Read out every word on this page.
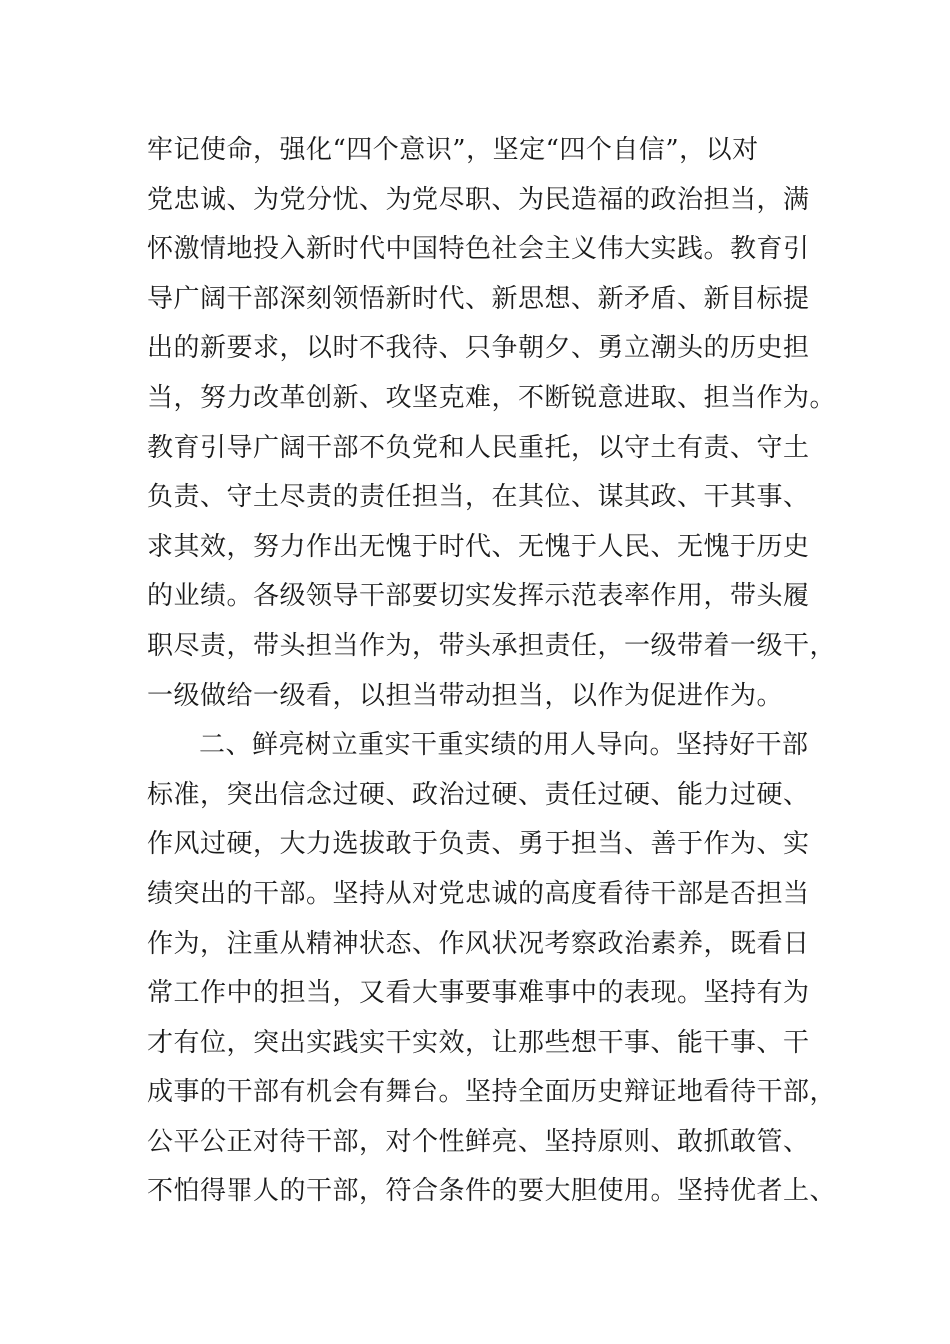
牢记使命，强化“四个意识”，坚定“四个自信”，以对
党忠诚、为党分忧、为党尽职、为民造福的政治担当，满
怀激情地投入新时代中国特色社会主义伟大实践。教育引
导广阔干部深刻领悟新时代、新思想、新矛盾、新目标提
出的新要求，以时不我待、只争朝夕、勇立潮头的历史担
当，努力改革创新、攻坚克难，不断锐意进取、担当作为。
教育引导广阔干部不负党和人民重托，以守土有责、守土
负责、守土尽责的责任担当，在其位、谋其政、干其事、
求其效，努力作出无愧于时代、无愧于人民、无愧于历史
的业绩。各级领导干部要切实发挥示范表率作用，带头履
职尽责，带头担当作为，带头承担责任，一级带着一级干，
一级做给一级看，以担当带动担当，以作为促进作为。
二、鲜亮树立重实干重实绩的用人导向。坚持好干部
标准，突出信念过硬、政治过硬、责任过硬、能力过硬、
作风过硬，大力选拔敢于负责、勇于担当、善于作为、实
绩突出的干部。坚持从对党忠诚的高度看待干部是否担当
作为，注重从精神状态、作风状况考察政治素养，既看日
常工作中的担当，又看大事要事难事中的表现。坚持有为
才有位，突出实践实干实效，让那些想干事、能干事、干
成事的干部有机会有舞台。坚持全面历史辩证地看待干部，
公平公正对待干部，对个性鲜亮、坚持原则、敢抓敢管、
不怕得罪人的干部，符合条件的要大胆使用。坚持优者上、
